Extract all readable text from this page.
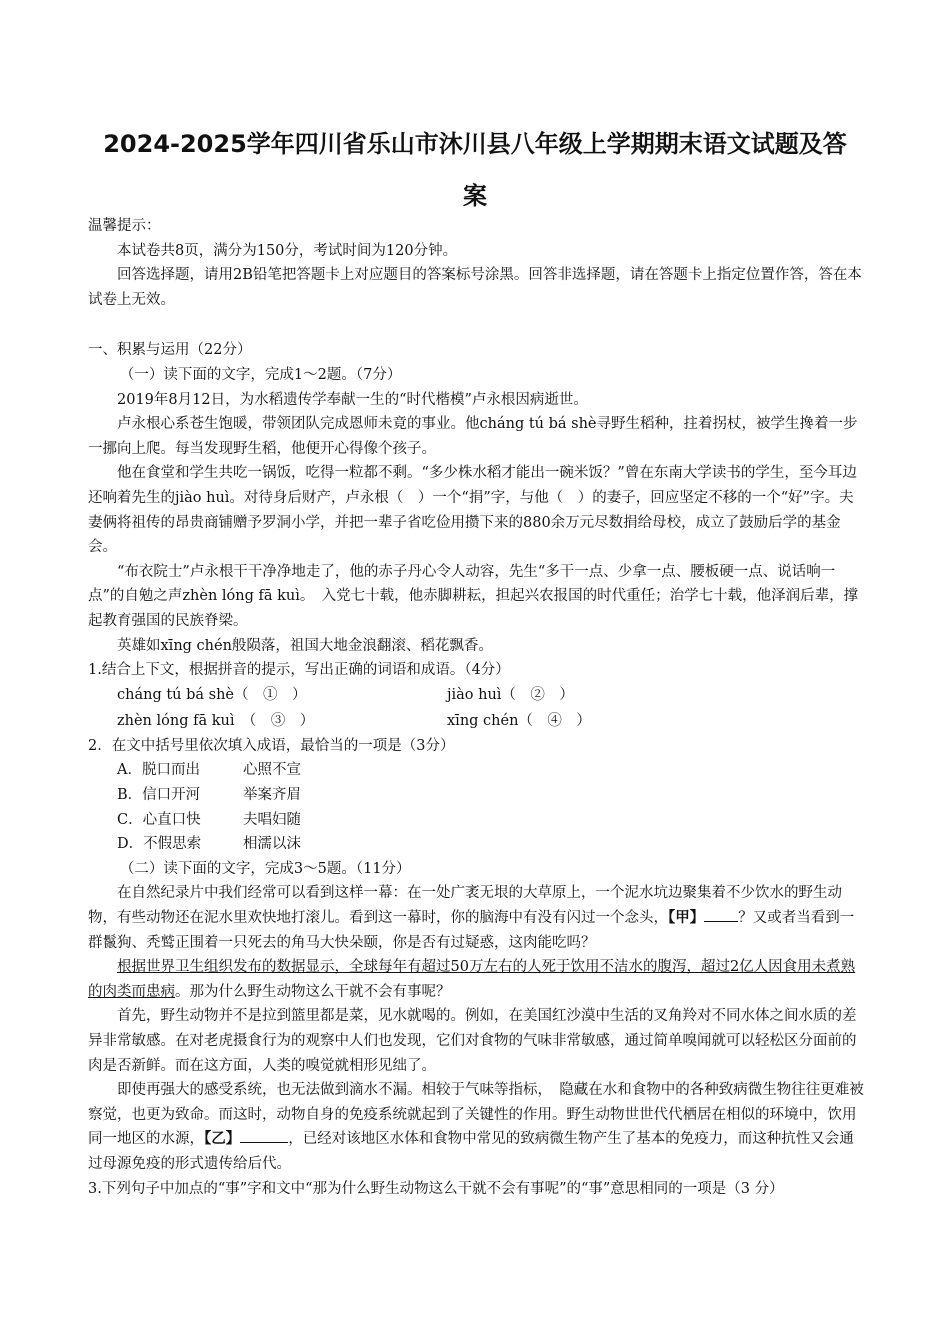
2024-2025学年四川省乐山市沐川县八年级上学期期末语文试题及答
案

温馨提示：

本试卷共8页，满分为150分，考试时间为120分钟。

回答选择题，请用2B铅笔把答题卡上对应题目的答案标号涂黑。回答非选择题，请在答题卡上指定位置作答，答在本试卷上无效。

一、积累与运用（22分）

（一）读下面的文字，完成1～2题。（7分）

2019年8月12日，为水稻遗传学奉献一生的“时代楷模”卢永根因病逝世。

卢永根心系苍生饱暖，带领团队完成恩师未竟的事业。他cháng tú bá shè寻野生稻种，拄着拐杖，被学生搀着一步一挪向上爬。每当发现野生稻，他便开心得像个孩子。

他在食堂和学生共吃一锅饭，吃得一粒都不剩。“多少株水稻才能出一碗米饭？”曾在东南大学读书的学生，至今耳边还响着先生的jiào huì。对待身后财产，卢永根（　）一个“捐”字，与他（　）的妻子，回应坚定不移的一个“好”字。夫妻俩将祖传的昂贵商铺赠予罗洞小学，并把一辈子省吃俭用攒下来的880余万元尽数捐给母校，成立了鼓励后学的基金会。

“布衣院士”卢永根干干净净地走了，他的赤子丹心令人动容，先生“多干一点、少拿一点、腰板硬一点、说话响一点”的自勉之声zhèn lóng fā kuì。　入党七十载，他赤脚耕耘，担起兴农报国的时代重任；治学七十载，他泽润后辈，撑起教育强国的民族脊梁。

英雄如xīng chén般陨落，祖国大地金浪翻滚、稻花飘香。

1.结合上下文，根据拼音的提示，写出正确的词语和成语。（4分）

cháng tú bá shè（　①　）	jiào huì（　②　）
zhèn lóng fā kuì　（　③　）	xīng chén（　④　）

2．在文中括号里依次填入成语，最恰当的一项是（3分）

A．脱口而出	心照不宣
B．信口开河	举案齐眉
C．心直口快	夫唱妇随
D．不假思索	相濡以沫

（二）读下面的文字，完成3～5题。（11分）

在自然纪录片中我们经常可以看到这样一幕：在一处广袤无垠的大草原上，一个泥水坑边聚集着不少饮水的野生动物，有些动物还在泥水里欢快地打滚儿。看到这一幕时，你的脑海中有没有闪过一个念头，【甲】 ？又或者当看到一群鬣狗、秃鹫正围着一只死去的角马大快朵颐，你是否有过疑惑，这肉能吃吗？

根据世界卫生组织发布的数据显示，全球每年有超过50万左右的人死于饮用不洁水的腹泻，超过2亿人因食用未煮熟的肉类而患病。那为什么野生动物这么干就不会有事呢？

首先，野生动物并不是拉到篮里都是菜，见水就喝的。例如，在美国红沙漠中生活的叉角羚对不同水体之间水质的差异非常敏感。在对老虎摄食行为的观察中人们也发现，它们对食物的气味非常敏感，通过简单嗅闻就可以轻松区分面前的肉是否新鲜。而在这方面，人类的嗅觉就相形见绌了。

即使再强大的感受系统，也无法做到滴水不漏。相较于气味等指标，　隐藏在水和食物中的各种致病微生物往往更难被察觉，也更为致命。而这时，动物自身的免疫系统就起到了关键性的作用。野生动物世世代代栖居在相似的环境中，饮用同一地区的水源，【乙】	，已经对该地区水体和食物中常见的致病微生物产生了基本的免疫力，而这种抗性又会通过母源免疫的形式遗传给后代。

3.下列句子中加点的“事”字和文中“那为什么野生动物这么干就不会有事呢”的“事”意思相同的一项是（3 分）
